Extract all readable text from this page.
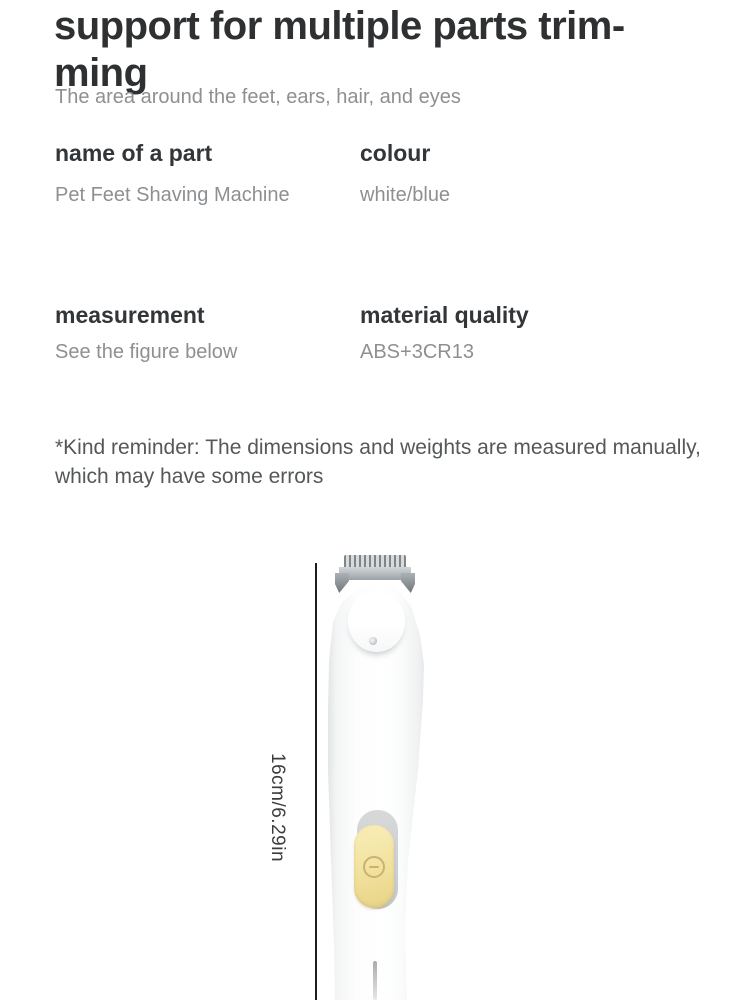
support for multiple parts trim-
ming
The area around the feet, ears, hair, and eyes
name of a part
Pet Feet Shaving Machine
colour
white/blue
measurement
See the figure below
material quality
ABS+3CR13
*Kind reminder: The dimensions and weights are measured manually,
which may have some errors
16cm/6.29in
